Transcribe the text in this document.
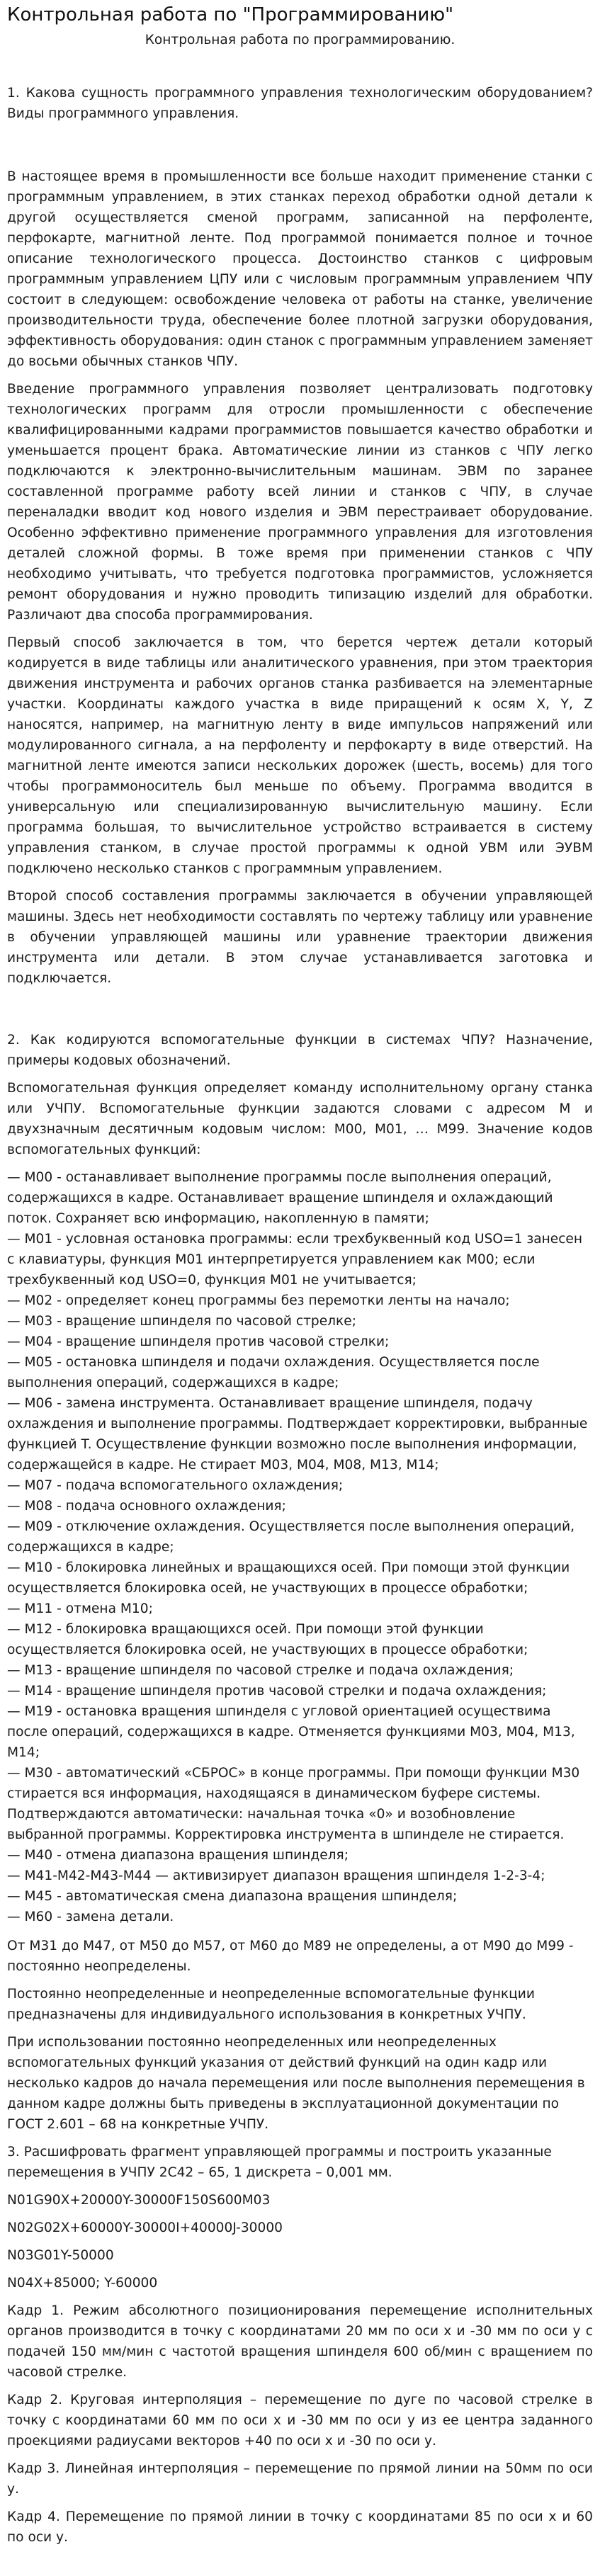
Контрольная работа по "Программированию"

Контрольная работа по программированию.

1. Какова сущность программного управления технологическим оборудованием? Виды программного управления.

В настоящее время в промышленности все больше находит применение станки с программным управлением, в этих станках переход обработки одной детали к другой осуществляется сменой программ, записанной на перфоленте, перфокарте, магнитной ленте. Под программой понимается полное и точное описание технологического процесса. Достоинство станков с цифровым программным управлением ЦПУ или с числовым программным управлением ЧПУ состоит в следующем: освобождение человека от работы на станке, увеличение производительности труда, обеспечение более плотной загрузки оборудования, эффективность оборудования: один станок с программным управлением заменяет до восьми обычных станков ЧПУ.

Введение программного управления позволяет централизовать подготовку технологических программ для отросли промышленности с обеспечение квалифицированными кадрами программистов повышается качество обработки и уменьшается процент брака. Автоматические линии из станков с ЧПУ легко подключаются к электронно-вычислительным машинам. ЭВМ по заранее составленной программе работу всей линии и станков с ЧПУ, в случае переналадки вводит код нового изделия и ЭВМ перестраивает оборудование. Особенно эффективно применение программного управления для изготовления деталей сложной формы. В тоже время при применении станков с ЧПУ необходимо учитывать, что требуется подготовка программистов, усложняется ремонт оборудования и нужно проводить типизацию изделий для обработки. Различают два способа программирования.

Первый способ заключается в том, что берется чертеж детали который кодируется в виде таблицы или аналитического уравнения, при этом траектория движения инструмента и рабочих органов станка разбивается на элементарные участки. Координаты каждого участка в виде приращений к осям X, Y, Z наносятся, например, на магнитную ленту в виде импульсов напряжений или модулированного сигнала, а на перфоленту и перфокарту в виде отверстий. На магнитной ленте имеются записи нескольких дорожек (шесть, восемь) для того чтобы программоноситель был меньше по объему. Программа вводится в универсальную или специализированную вычислительную машину. Если программа большая, то вычислительное устройство встраивается в систему управления станком, в случае простой программы к одной УВМ или ЭУВМ подключено несколько станков с программным управлением.

Второй способ составления программы заключается в обучении управляющей машины. Здесь нет необходимости составлять по чертежу таблицу или уравнение в обучении управляющей машины или уравнение траектории движения инструмента или детали. В этом случае устанавливается заготовка и подключается.

2. Как кодируются вспомогательные функции в системах ЧПУ? Назначение, примеры кодовых обозначений.

Вспомогательная функция определяет команду исполнительному органу станка или УЧПУ. Вспомогательные функции задаются словами с адресом M и двухзначным десятичным кодовым числом: M00, M01, … M99. Значение кодов вспомогательных функций:

— M00 - останавливает выполнение программы после выполнения операций, содержащихся в кадре. Останавливает вращение шпинделя и охлаждающий поток. Сохраняет всю информацию, накопленную в памяти;

— M01 - условная остановка программы: если трехбуквенный код USO=1 занесен с клавиатуры, функция M01 интерпретируется управлением как M00; если трехбуквенный код USO=0, функция M01 не учитывается;

— M02 - определяет конец программы без перемотки ленты на начало;

— M03 - вращение шпинделя по часовой стрелке;

— M04 - вращение шпинделя против часовой стрелки;

— M05 - остановка шпинделя и подачи охлаждения. Осуществляется после выполнения операций, содержащихся в кадре;

— M06 - замена инструмента. Останавливает вращение шпинделя, подачу охлаждения и выполнение программы. Подтверждает корректировки, выбранные функцией T. Осуществление функции возможно после выполнения информации, содержащейся в кадре. Не стирает M03, M04, M08, M13, M14;

— M07 - подача вспомогательного охлаждения;

— M08 - подача основного охлаждения;

— M09 - отключение охлаждения. Осуществляется после выполнения операций, содержащихся в кадре;

— M10 - блокировка линейных и вращающихся осей. При помощи этой функции осуществляется блокировка осей, не участвующих в процессе обработки;

— M11 - отмена M10;

— M12 - блокировка вращающихся осей. При помощи этой функции осуществляется блокировка осей, не участвующих в процессе обработки;

— M13 - вращение шпинделя по часовой стрелке и подача охлаждения;

— M14 - вращение шпинделя против часовой стрелки и подача охлаждения;

— M19 - остановка вращения шпинделя с угловой ориентацией осуществима после операций, содержащихся в кадре. Отменяется функциями M03, M04, M13, M14;

— M30 - автоматический «СБРОС» в конце программы. При помощи функции M30 стирается вся информация, находящаяся в динамическом буфере системы. Подтверждаются автоматически: начальная точка «0» и возобновление выбранной программы. Корректировка инструмента в шпинделе не стирается.

— M40 - отмена диапазона вращения шпинделя;

— M41-M42-M43-M44 — активизирует диапазон вращения шпинделя 1-2-3-4;

— M45 - автоматическая смена диапазона вращения шпинделя;

— M60 - замена детали.

От M31 до M47, от M50 до M57, от M60 до M89 не определены, а от M90 до M99 - постоянно неопределены.

Постоянно неопределенные и неопределенные вспомогательные функции предназначены для индивидуального использования в конкретных УЧПУ.

При использовании постоянно неопределенных или неопределенных вспомогательных функций указания от действий функций на один кадр или несколько кадров до начала перемещения или после выполнения перемещения в данном кадре должны быть приведены в эксплуатационной документации по ГОСТ 2.601 – 68 на конкретные УЧПУ.

3. Расшифровать фрагмент управляющей программы и построить указанные перемещения в УЧПУ 2С42 – 65, 1 дискрета – 0,001 мм.

N01G90X+20000Y-30000F150S600M03

N02G02X+60000Y-30000I+40000J-30000

N03G01Y-50000

N04X+85000; Y-60000

Кадр 1. Режим абсолютного позиционирования перемещение исполнительных органов производится в точку с координатами 20 мм по оси x и -30 мм по оси у с подачей 150 мм/мин с частотой вращения шпинделя 600 об/мин с вращением по часовой стрелке.

Кадр 2. Круговая интерполяция – перемещение по дуге по часовой стрелке в точку с координатами 60 мм по оси x и -30 мм по оси у из ее центра заданного проекциями радиусами векторов +40 по оси x и -30 по оси у.

Кадр 3. Линейная интерполяция – перемещение по прямой линии на 50мм по оси у.

Кадр 4. Перемещение по прямой линии в точку с координатами 85 по оси x и 60 по оси у.
